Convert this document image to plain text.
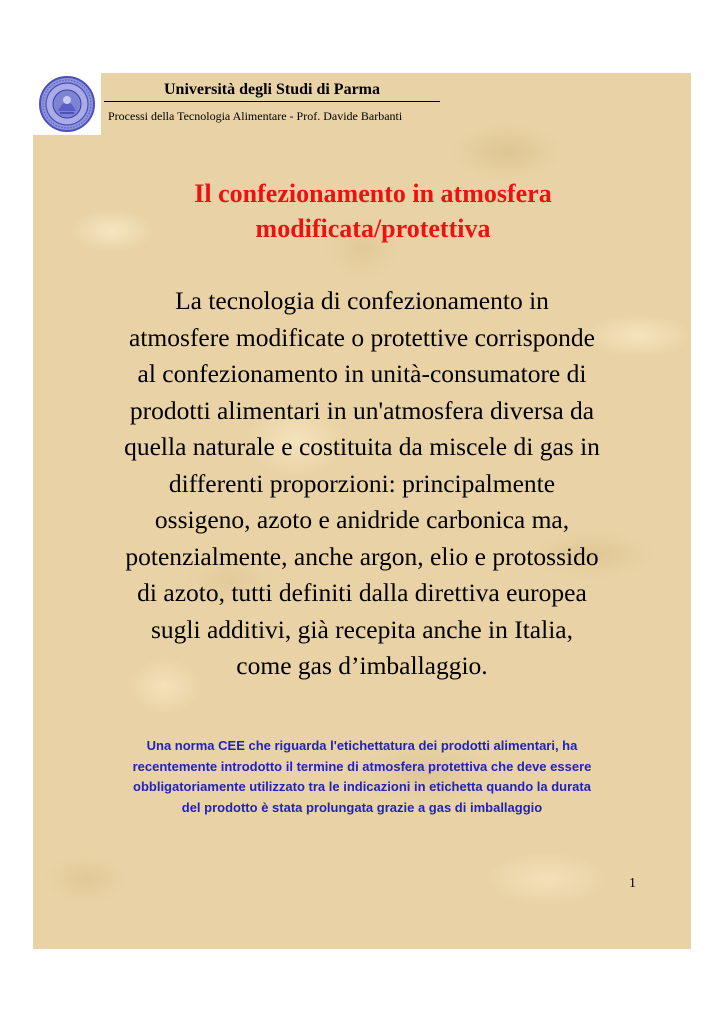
Università degli Studi di Parma
Processi della Tecnologia Alimentare - Prof. Davide Barbanti
Il confezionamento in atmosfera
modificata/protettiva
La tecnologia di confezionamento in
atmosfere modificate o protettive corrisponde
al confezionamento in unità-consumatore di
prodotti alimentari in un'atmosfera diversa da
quella naturale e costituita da miscele di gas in
differenti proporzioni: principalmente
ossigeno, azoto e anidride carbonica ma,
potenzialmente, anche argon, elio e protossido
di azoto, tutti definiti dalla direttiva europea
sugli additivi, già recepita anche in Italia,
come gas d’imballaggio.
Una norma CEE che riguarda l'etichettatura dei prodotti alimentari, ha
recentemente introdotto il termine di atmosfera protettiva che deve essere
obbligatoriamente utilizzato tra le indicazioni in etichetta quando la durata
del prodotto è stata prolungata grazie a gas di imballaggio
1
